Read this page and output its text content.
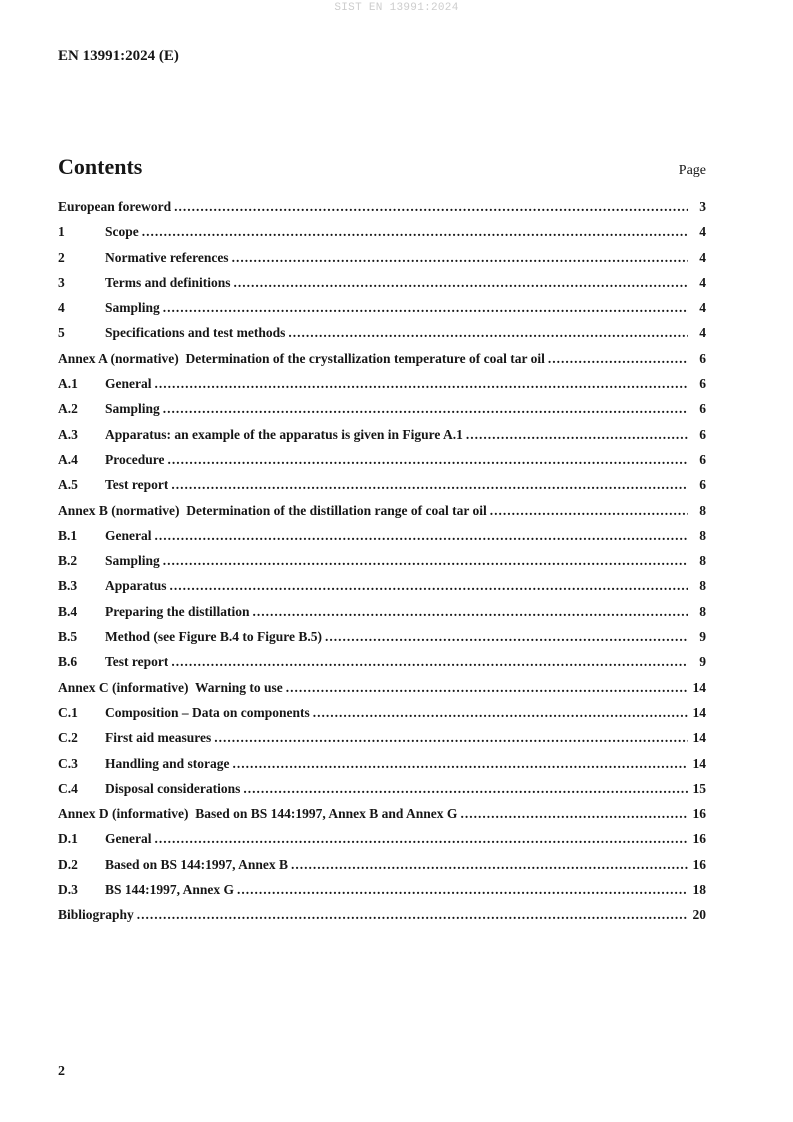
SIST EN 13991:2024
EN 13991:2024 (E)
Contents	Page
European foreword .....	3
1	Scope .....	4
2	Normative references .....	4
3	Terms and definitions .....	4
4	Sampling .....	4
5	Specifications and test methods .....	4
Annex A (normative)  Determination of the crystallization temperature of coal tar oil .....	6
A.1	General .....	6
A.2	Sampling .....	6
A.3	Apparatus: an example of the apparatus is given in Figure A.1 .....	6
A.4	Procedure .....	6
A.5	Test report .....	6
Annex B (normative)  Determination of the distillation range of coal tar oil .....	8
B.1	General .....	8
B.2	Sampling .....	8
B.3	Apparatus .....	8
B.4	Preparing the distillation .....	8
B.5	Method (see Figure B.4 to Figure B.5) .....	9
B.6	Test report .....	9
Annex C (informative)  Warning to use .....	14
C.1	Composition – Data on components .....	14
C.2	First aid measures .....	14
C.3	Handling and storage .....	14
C.4	Disposal considerations .....	15
Annex D (informative)  Based on BS 144:1997, Annex B and Annex G .....	16
D.1	General .....	16
D.2	Based on BS 144:1997, Annex B .....	16
D.3	BS 144:1997, Annex G .....	18
Bibliography .....	20
2
